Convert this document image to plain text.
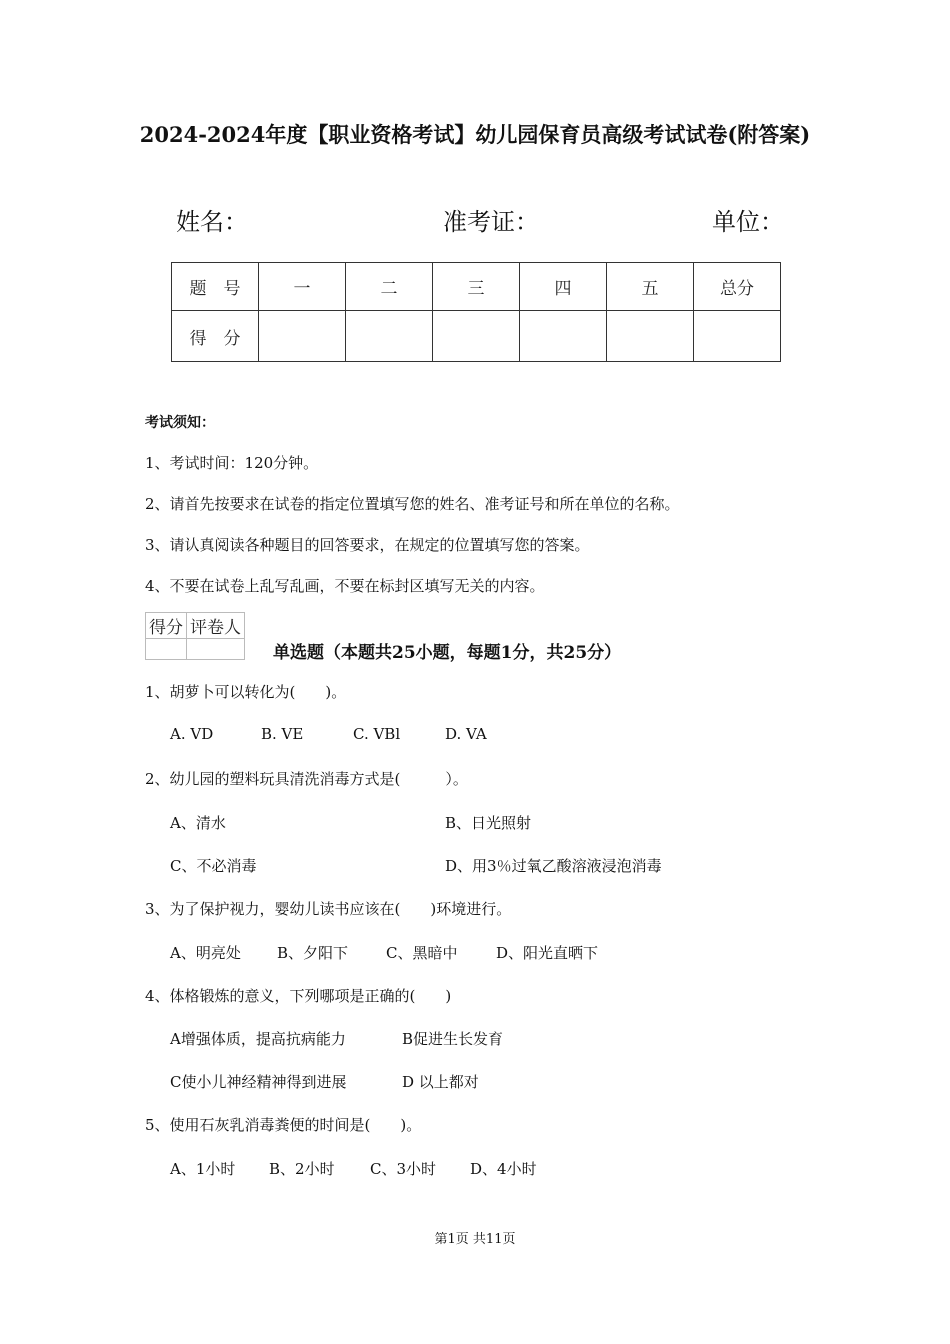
2024-2024年度【职业资格考试】幼儿园保育员高级考试试卷(附答案)
姓名：	准考证：	单位：
题　号	一	二	三	四	五	总分
得　分						
考试须知：
1、考试时间：120分钟。
2、请首先按要求在试卷的指定位置填写您的姓名、准考证号和所在单位的名称。
3、请认真阅读各种题目的回答要求，在规定的位置填写您的答案。
4、不要在试卷上乱写乱画，不要在标封区填写无关的内容。
得分	评卷人

单选题（本题共25小题，每题1分，共25分）
1、胡萝卜可以转化为(　　)。
A. VD	B. VE	C. VBl	D. VA
2、幼儿园的塑料玩具清洗消毒方式是(　　　）。
A、清水	B、日光照射
C、不必消毒	D、用3％过氧乙酸溶液浸泡消毒
3、为了保护视力，婴幼儿读书应该在(　　)环境进行。
A、明亮处 B、夕阳下	C、黑暗中	D、阳光直晒下
4、体格锻炼的意义，下列哪项是正确的(　　)
A增强体质，提高抗病能力	B促进生长发育
C使小儿神经精神得到进展	D 以上都对
5、使用石灰乳消毒粪便的时间是(　　)。
A、1小时 B、2小时 C、3小时 D、4小时
第1页 共11页
